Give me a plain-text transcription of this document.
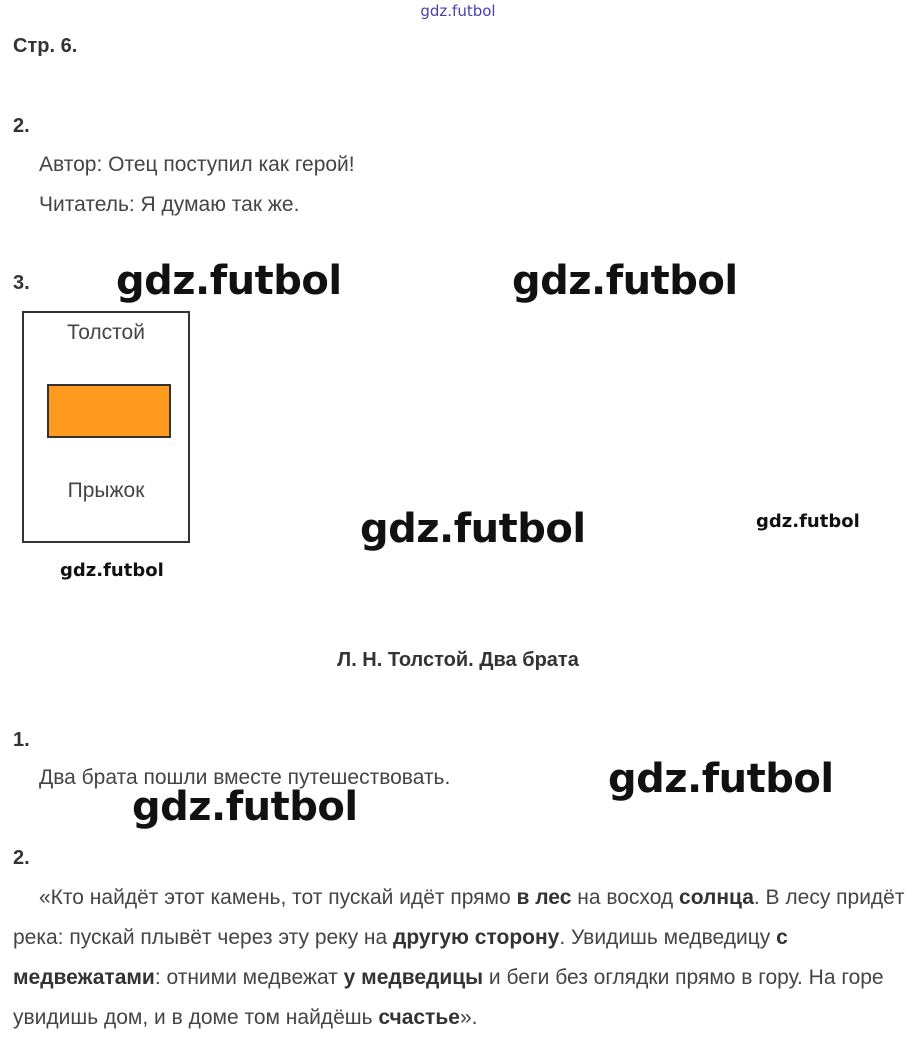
gdz.futbol
gdz.futbol	gdz.futbol
gdz.futbol
gdz.futbol
gdz.futbol
gdz.futbol
gdz.futbol
Стр. 6.
2.
Автор: Отец поступил как герой!
Читатель: Я думаю так же.
3.
Толстой
Прыжок
Л. Н. Толстой. Два брата
1.
Два брата пошли вместе путешествовать.
2.

«Кто найдёт этот камень, тот пускай идёт прямо в лес на восход солнца. В лесу придёт река: пускай плывёт через эту реку на другую сторону. Увидишь медведицу с медвежатами: отними медвежат у медведицы и беги без оглядки прямо в гору. На горе увидишь дом, и в доме том найдёшь счастье».
